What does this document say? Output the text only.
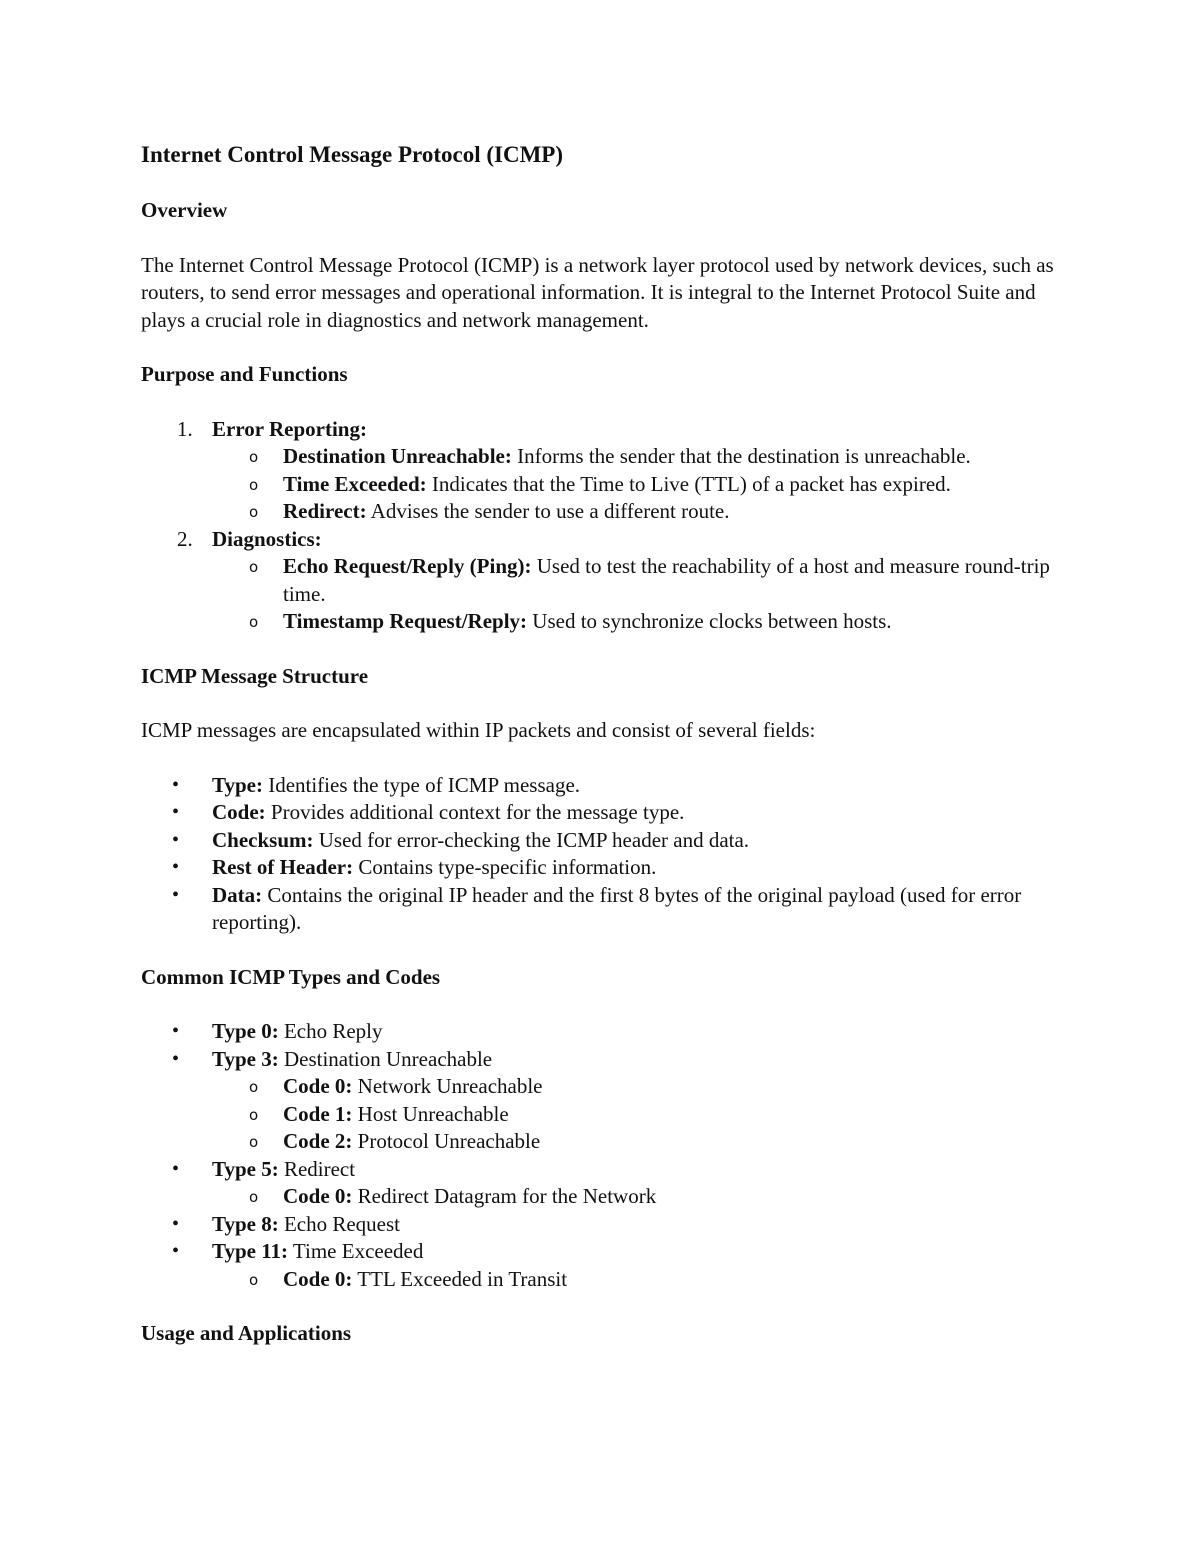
Internet Control Message Protocol (ICMP)
Overview
The Internet Control Message Protocol (ICMP) is a network layer protocol used by network devices, such as routers, to send error messages and operational information. It is integral to the Internet Protocol Suite and plays a crucial role in diagnostics and network management.
Purpose and Functions
1. Error Reporting:
o Destination Unreachable: Informs the sender that the destination is unreachable.
o Time Exceeded: Indicates that the Time to Live (TTL) of a packet has expired.
o Redirect: Advises the sender to use a different route.
2. Diagnostics:
o Echo Request/Reply (Ping): Used to test the reachability of a host and measure round-trip time.
o Timestamp Request/Reply: Used to synchronize clocks between hosts.
ICMP Message Structure
ICMP messages are encapsulated within IP packets and consist of several fields:
• Type: Identifies the type of ICMP message.
• Code: Provides additional context for the message type.
• Checksum: Used for error-checking the ICMP header and data.
• Rest of Header: Contains type-specific information.
• Data: Contains the original IP header and the first 8 bytes of the original payload (used for error reporting).
Common ICMP Types and Codes
• Type 0: Echo Reply
• Type 3: Destination Unreachable
o Code 0: Network Unreachable
o Code 1: Host Unreachable
o Code 2: Protocol Unreachable
• Type 5: Redirect
o Code 0: Redirect Datagram for the Network
• Type 8: Echo Request
• Type 11: Time Exceeded
o Code 0: TTL Exceeded in Transit
Usage and Applications
